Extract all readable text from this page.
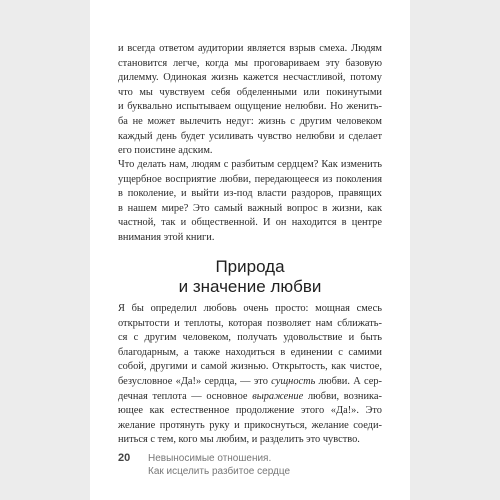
и всегда ответом аудитории является взрыв смеха. Людям
становится легче, когда мы проговариваем эту базовую
дилемму. Одинокая жизнь кажется несчастливой, потому
что мы чувствуем себя обделенными или покинутыми
и буквально испытываем ощущение нелюбви. Но женить-
ба не может вылечить недуг: жизнь с другим человеком
каждый день будет усиливать чувство нелюбви и сделает
его поистине адским.
Что делать нам, людям с разбитым сердцем? Как изменить
ущербное восприятие любви, передающееся из поколения
в поколение, и выйти из-под власти раздоров, правящих
в нашем мире? Это самый важный вопрос в жизни, как
частной, так и общественной. И он находится в центре
внимания этой книги.
Природа
и значение любви
Я бы определил любовь очень просто: мощная смесь
открытости и теплоты, которая позволяет нам сближать-
ся с другим человеком, получать удовольствие и быть
благодарным, а также находиться в единении с самими
собой, другими и самой жизнью. Открытость, как чистое,
безусловное «Да!» сердца, — это сущность любви. А сер-
дечная теплота — основное выражение любви, возника-
ющее как естественное продолжение этого «Да!». Это
желание протянуть руку и прикоснуться, желание соеди-
ниться с тем, кого мы любим, и разделить это чувство.
20 Невыносимые отношения.
Как исцелить разбитое сердце
